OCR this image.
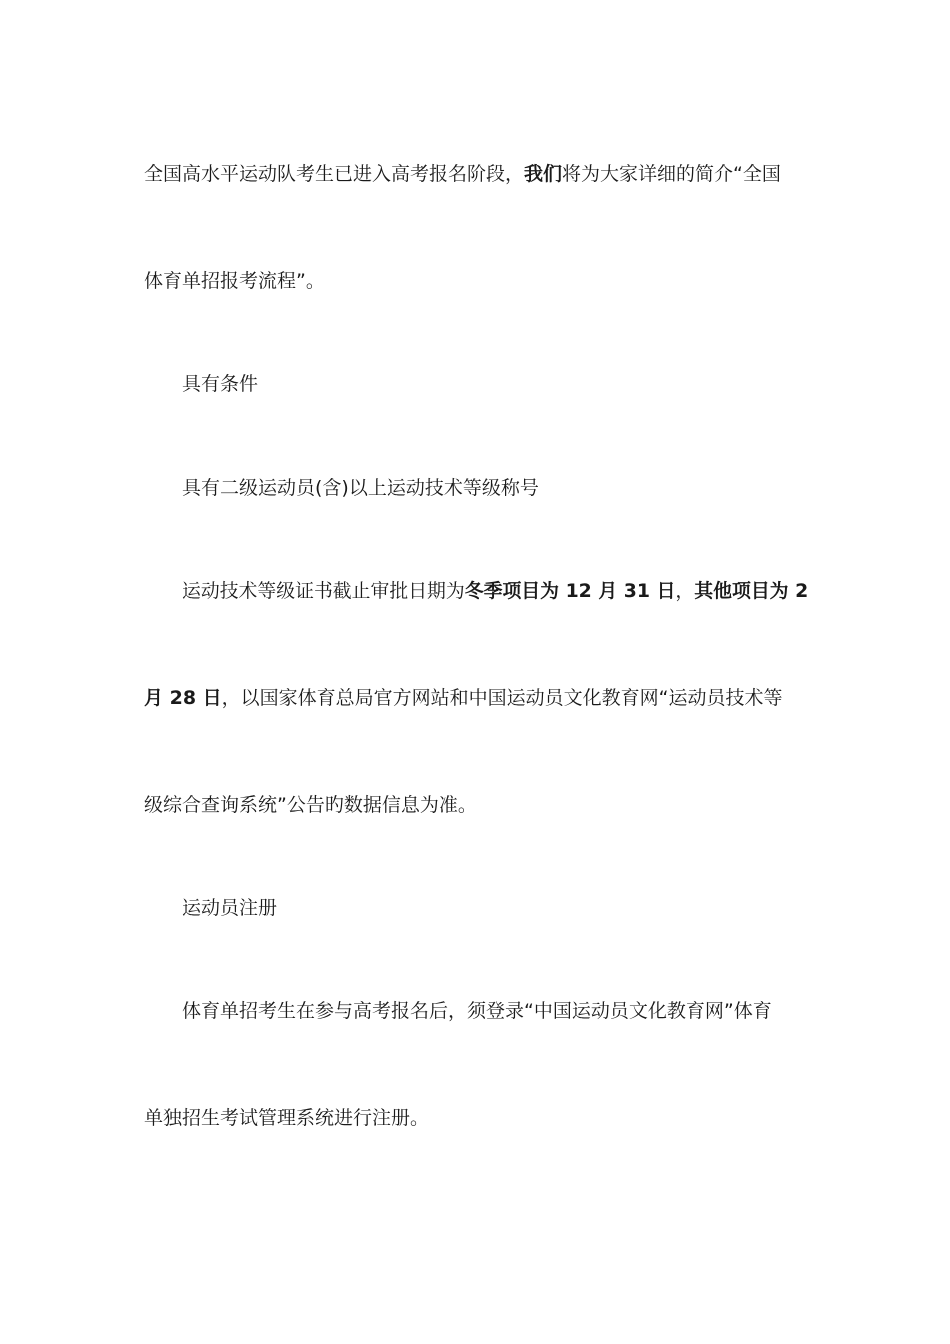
全国高水平运动队考生已进入高考报名阶段，我们将为大家详细的简介“全国
体育单招报考流程”。
具有条件
具有二级运动员(含)以上运动技术等级称号
运动技术等级证书截止审批日期为冬季项目为 12 月 31 日，其他项目为 2
月 28 日，以国家体育总局官方网站和中国运动员文化教育网“运动员技术等
级综合查询系统”公告旳数据信息为准。
运动员注册
体育单招考生在参与高考报名后，须登录“中国运动员文化教育网”体育
单独招生考试管理系统进行注册。
